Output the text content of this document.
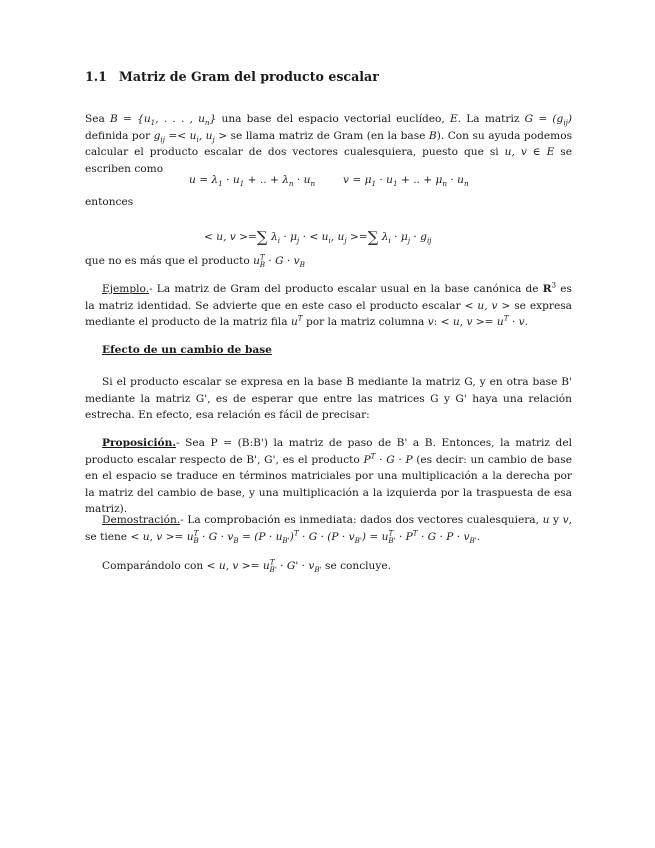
1.1 Matriz de Gram del producto escalar
Sea $B = \{u_1$, . . . , $u_n$} una base del espacio vectorial euclídeo, E. La matriz $G = (g_{ij})$ definida por $g_{ij} =< u_i$, $u_j$ > se llama matriz de Gram (en la base B). Con su ayuda podemos calcular el producto escalar de dos vectores cualesquiera, puesto que si u, v ∈ E se escriben como
$u = \lambda_1 \cdot u_1$ + .. + $\lambda_n \cdot u_n$	$v = \mu_1 \cdot u_1$ + .. + $\mu_n \cdot u_n$
entonces
< u, v >=∑ $\lambda_i \cdot \mu_j$ · < $u_i$, $u_j$ >=∑ $\lambda_i \cdot \mu_j \cdot g_{ij}$
que no es más que el producto $u^T_B \cdot G \cdot v_B$
Ejemplo.- La matriz de Gram del producto escalar usual en la base canónica de $R^3$ es la matriz identidad. Se advierte que en este caso el producto escalar < u, v > se expresa mediante el producto de la matriz fila $u^T$ por la matriz columna v: < u, $v >= u^T \cdot v$.
Efecto de un cambio de base
Si el producto escalar se expresa en la base B mediante la matriz G, y en otra base B' mediante la matriz G', es de esperar que entre las matrices G y G' haya una relación estrecha. En efecto, esa relación es fácil de precisar:
Proposición.- Sea P = (B:B') la matriz de paso de B' a B. Entonces, la matriz del producto escalar respecto de B', G', es el producto $P^T \cdot G \cdot P$ (es decir: un cambio de base en el espacio se traduce en términos matriciales por una multiplicación a la derecha por la matriz del cambio de base, y una multiplicación a la izquierda por la traspuesta de esa matriz).
Demostración.- La comprobación es inmediata: dados dos vectores cualesquiera, u y v, se tiene < u, $v >= u^T_B \cdot G \cdot v_B = (P \cdot u_{B'})^T \cdot G \cdot (P \cdot v_{B'}) = u^T_{B'} \cdot P^T \cdot G \cdot P \cdot v_{B'}$.
Comparándolo con < u, $v >= u^T_{B'} \cdot G' \cdot v_{B'}$ se concluye.
